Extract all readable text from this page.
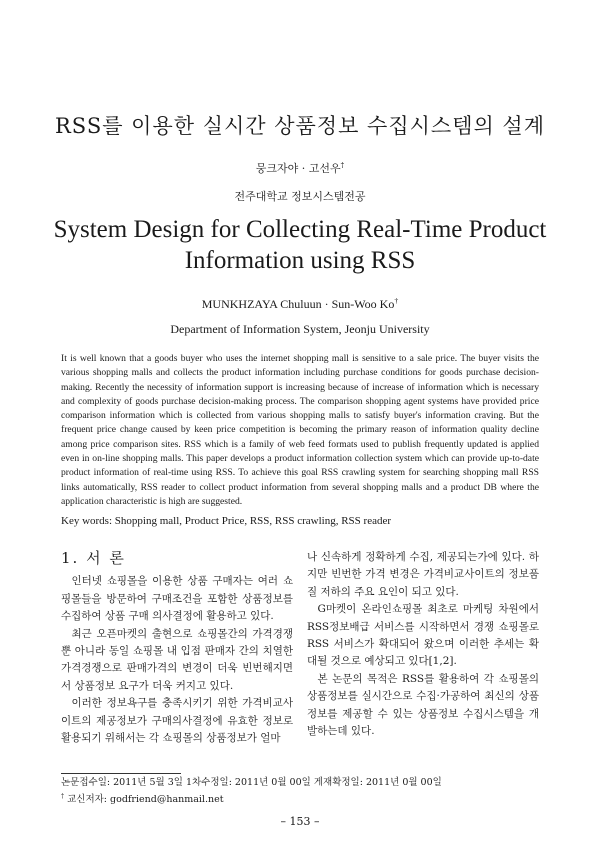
RSS를 이용한 실시간 상품정보 수집시스템의 설계
뭉크자야 · 고선우†
전주대학교 정보시스템전공
System Design for Collecting Real-Time Product
Information using RSS
MUNKHZAYA Chuluun · Sun-Woo Ko†
Department of Information System, Jeonju University

It is well known that a goods buyer who uses the internet shopping mall is sensitive to a sale price. The buyer visits the various shopping malls and collects the product information including purchase conditions for goods purchase decision-making. Recently the necessity of information support is increasing because of increase of information which is necessary and complexity of goods purchase decision-making process. The comparison shopping agent systems have provided price comparison information which is collected from various shopping malls to satisfy buyer's information craving. But the frequent price change caused by keen price competition is becoming the primary reason of information quality decline among price comparison sites. RSS which is a family of web feed formats used to publish frequently updated is applied even in on-line shopping malls. This paper develops a product information collection system which can provide up-to-date product information of real-time using RSS. To achieve this goal RSS crawling system for searching shopping mall RSS links automatically, RSS reader to collect product information from several shopping malls and a product DB where the application characteristic is high are suggested.

Key words: Shopping mall, Product Price, RSS, RSS crawling, RSS reader

1. 서 론

인터넷 쇼핑몰을 이용한 상품 구매자는 여러 쇼핑몰들을 방문하여 구매조건을 포함한 상품정보를 수집하여 상품 구매 의사결정에 활용하고 있다.

최근 오픈마켓의 출현으로 쇼핑몰간의 가격경쟁뿐 아니라 동일 쇼핑몰 내 입점 판매자 간의 치열한 가격경쟁으로 판매가격의 변경이 더욱 빈번해지면서 상품정보 요구가 더욱 커지고 있다.

이러한 정보욕구를 충족시키기 위한 가격비교사이트의 제공정보가 구매의사결정에 유효한 정보로 활용되기 위해서는 각 쇼핑몰의 상품정보가 얼마

나 신속하게 정확하게 수집, 제공되는가에 있다. 하지만 빈번한 가격 변경은 가격비교사이트의 정보품질 저하의 주요 요인이 되고 있다.

G마켓이 온라인쇼핑몰 최초로 마케팅 차원에서 RSS정보배급 서비스를 시작하면서 경쟁 쇼핑몰로 RSS 서비스가 확대되어 왔으며 이러한 추세는 확대될 것으로 예상되고 있다[1,2].

본 논문의 목적은 RSS를 활용하여 각 쇼핑몰의 상품정보를 실시간으로 수집·가공하여 최신의 상품정보를 제공할 수 있는 상품정보 수집시스템을 개발하는데 있다.

논문접수일: 2011년 5월 3일 1차수정일: 2011년 0월 00일 게재확정일: 2011년 0월 00일
† 교신저자: godfriend@hanmail.net
– 153 –
